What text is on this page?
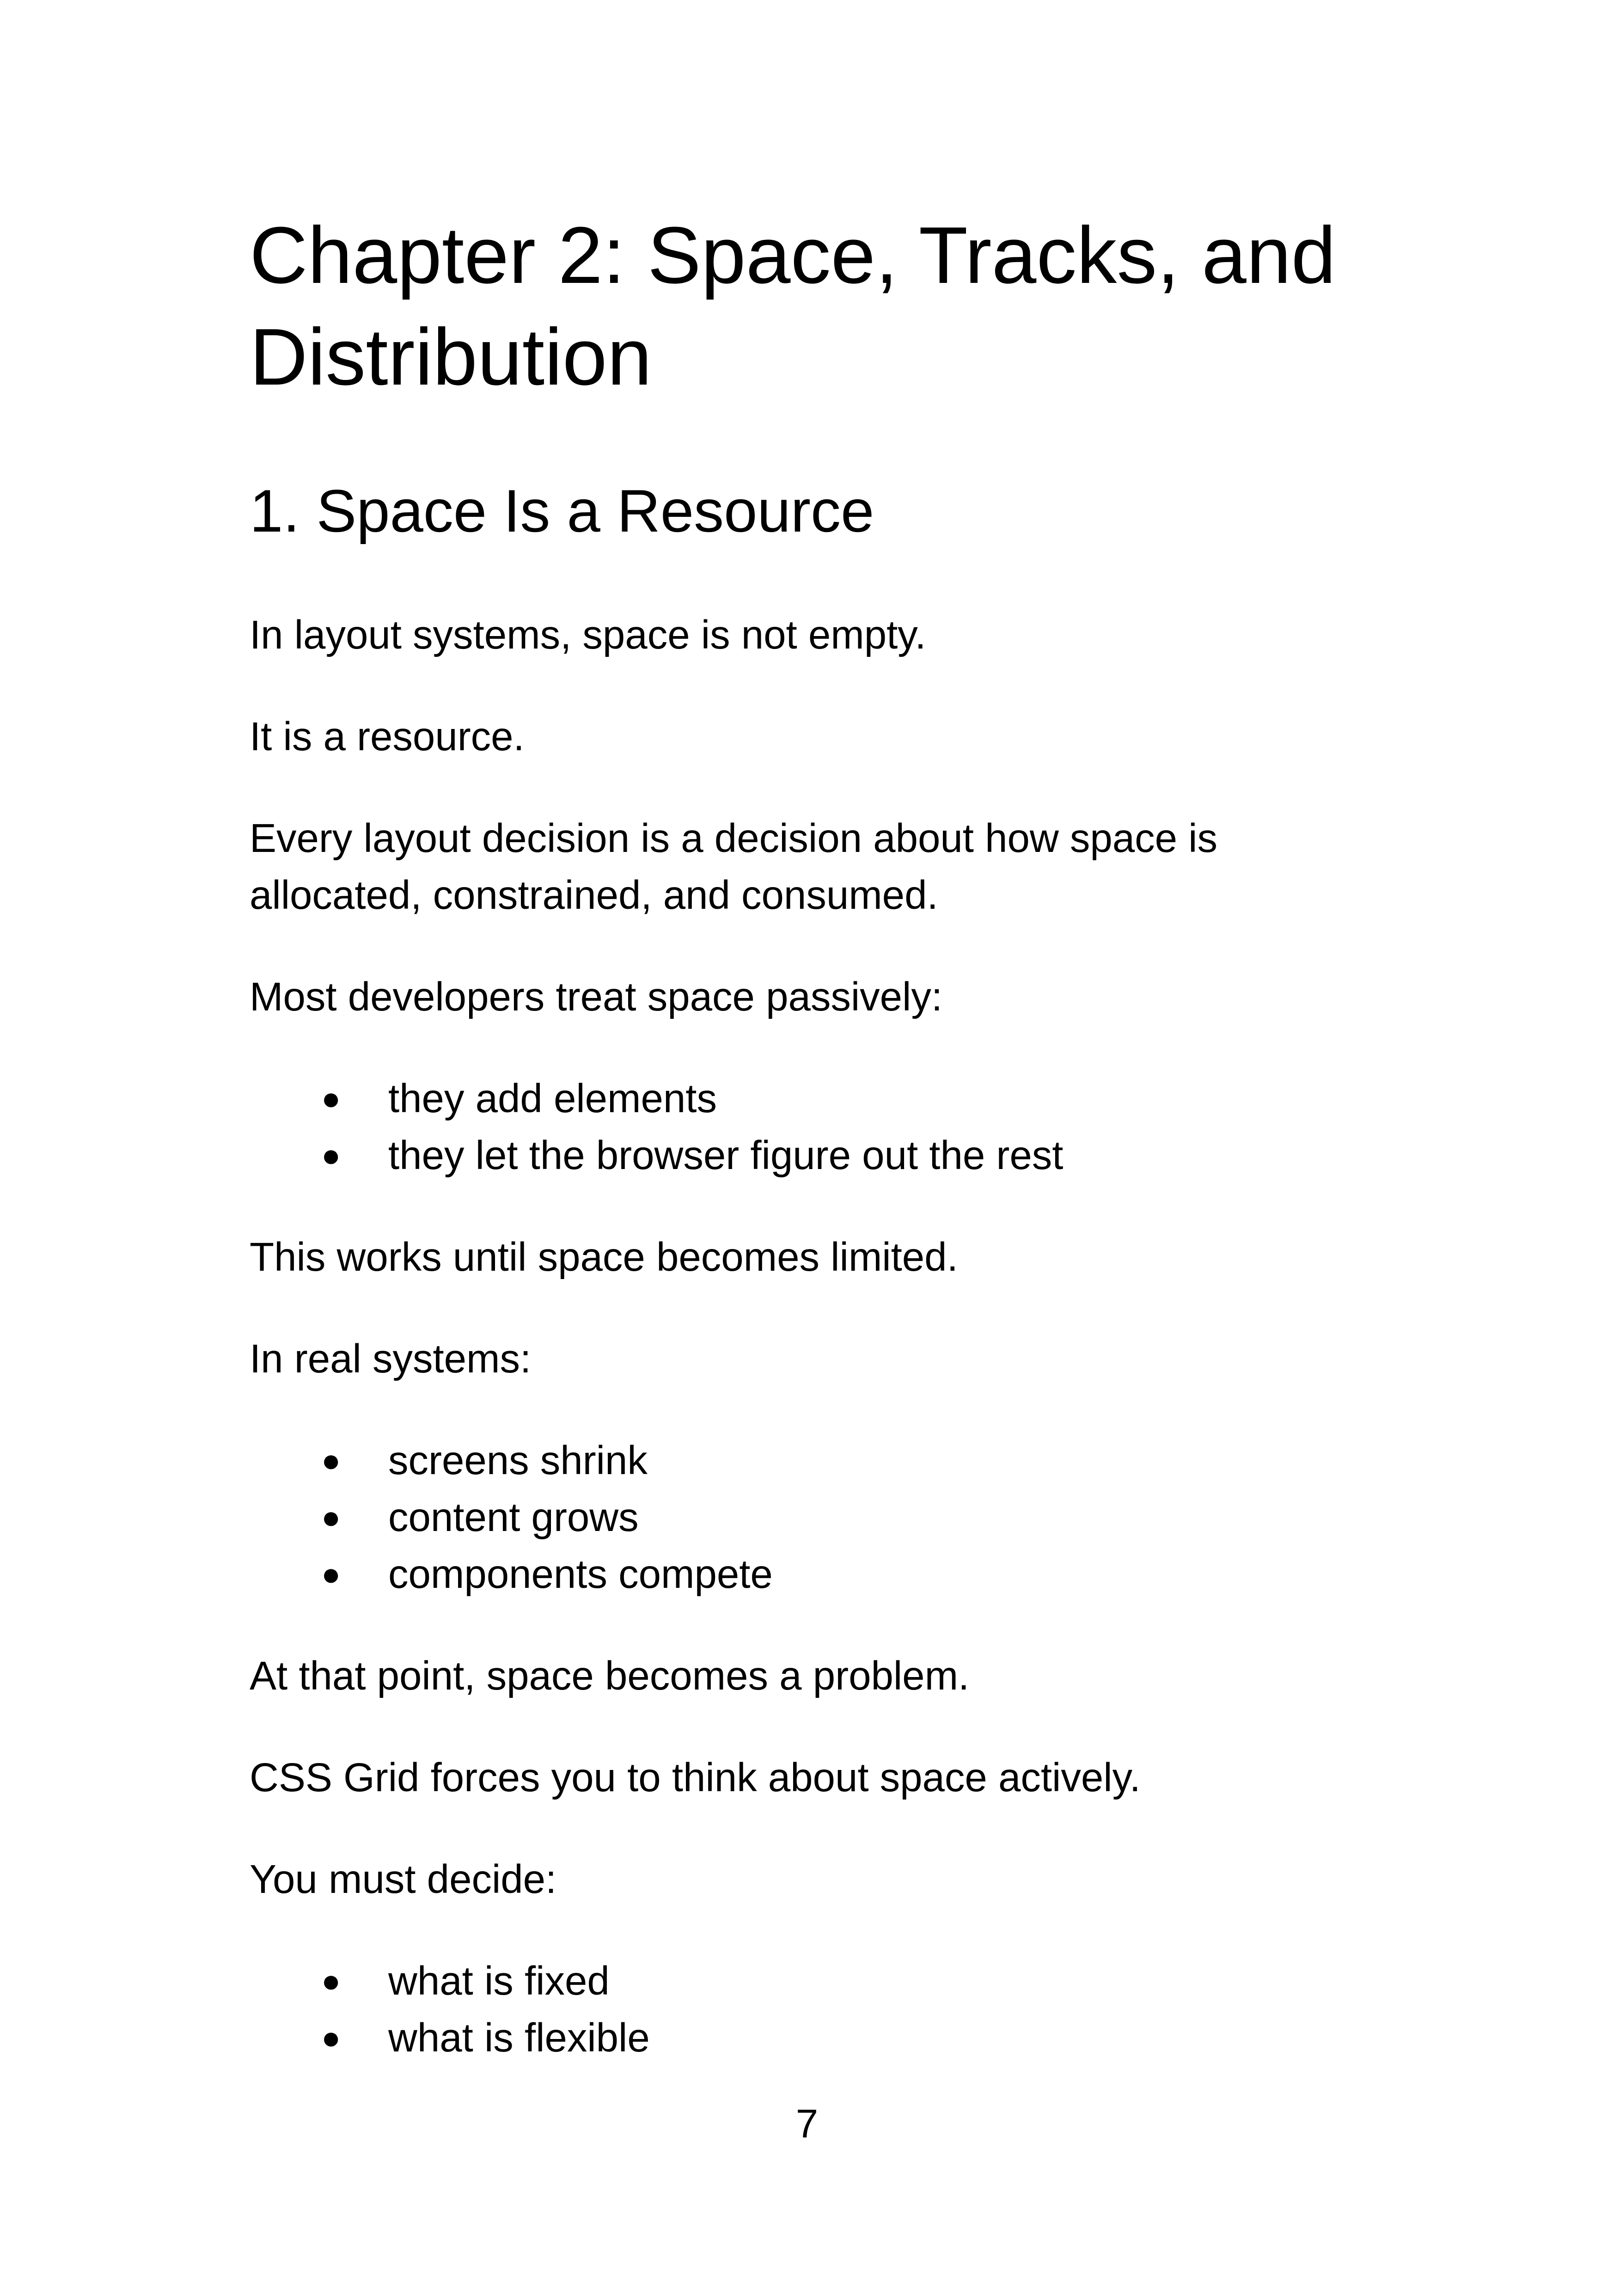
Chapter 2: Space, Tracks, and Distribution
1. Space Is a Resource

In layout systems, space is not empty.

It is a resource.

Every layout decision is a decision about how space is allocated, constrained, and consumed.

Most developers treat space passively:

● they add elements
● they let the browser figure out the rest

This works until space becomes limited.

In real systems:

● screens shrink
● content grows
● components compete

At that point, space becomes a problem.

CSS Grid forces you to think about space actively.

You must decide:

● what is fixed
● what is flexible
7
